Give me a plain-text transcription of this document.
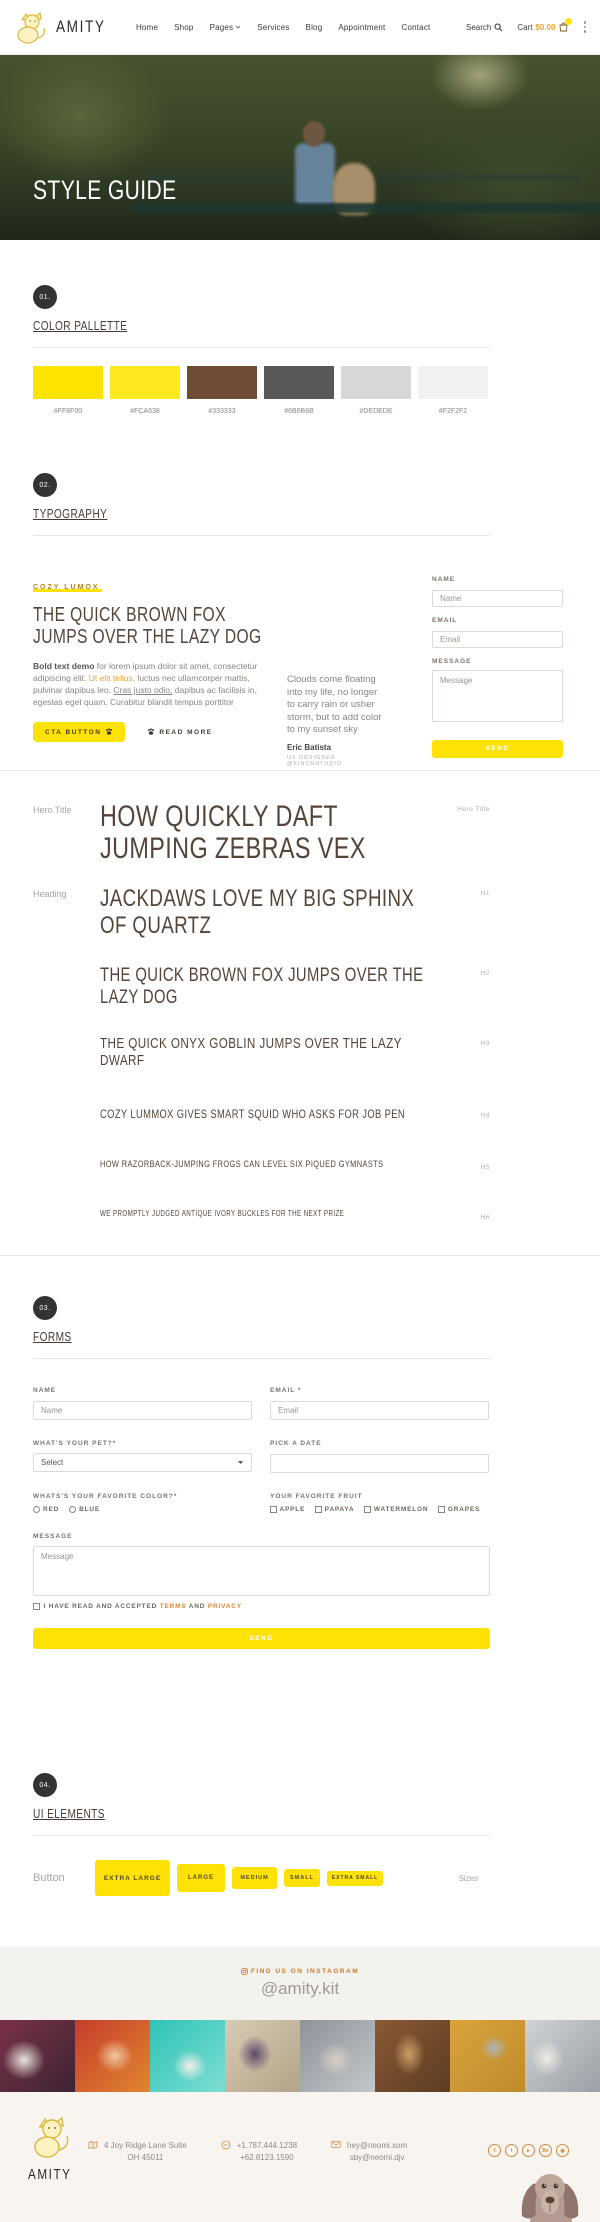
AMITY	Home Shop Pages	Services Blog Appointment Contact	Search	Cart $0.00
STYLE GUIDE
01.
COLOR PALLETTE
#FF8F00	#FCA638	#333333	#6B6B6B	#DEDEDE	#F2F2F2
02.
TYPOGRAPHY
COZY LUMOX
THE QUICK BROWN FOX JUMPS OVER THE LAZY DOG

Bold text demo for lorem ipsum dolor sit amet, consectetur adipiscing elit. Ut elit tellus, luctus nec ullamcorper mattis, pulvinar dapibus leo. Cras justo odio, dapibus ac facilisis in, egestas eget quam. Curabitur blandit tempus porttitor

CTA BUTTON	READ MORE
Clouds come floating into my life, no longer to carry rain or usher storm, but to add color to my sunset sky
Eric Batista
UX DESIGNER @FINCHSTUDIO
NAME
Name
EMAIL
Email
MESSAGE
Message
SEND
Hero Title HOW QUICKLY DAFT JUMPING ZEBRAS VEX
Hero Title
Heading	JACKDAWS LOVE MY BIG SPHINX OF QUARTZ
H1
THE QUICK BROWN FOX JUMPS OVER THE LAZY DOG
H2
THE QUICK ONYX GOBLIN JUMPS OVER THE LAZY DWARF
H3
COZY LUMMOX GIVES SMART SQUID WHO ASKS FOR JOB PEN	H4
HOW RAZORBACK-JUMPING FROGS CAN LEVEL SIX PIQUED GYMNASTS	H5
WE PROMPTLY JUDGED ANTIQUE IVORY BUCKLES FOR THE NEXT PRIZE	H6
03.
FORMS
NAME
Name	EMAIL *
Email
WHAT'S YOUR PET?*
Select
PICK A DATE
WHATS'S YOUR FAVORITE COLOR?*
RED	BLUE
YOUR FAVORITE FRUIT
APPLE	PAPAYA	WATERMELON	GRAPES
MESSAGE
Message
I HAVE READ AND ACCEPTED TERMS AND PRIVACY
SEND
04.
UI ELEMENTS
Button	EXTRA LARGE	LARGE	MEDIUM	SMALL	EXTRA SMALL	Sizes
FIND US ON INSTAGRAM
@amity.kit
AMITY
4 Joy Ridge Lane Suite
OH 45011
+1.787.444.1238
+62.8123.1590
hey@neomi.xom
sby@neomi.djv
f	t	►	Be	◉
